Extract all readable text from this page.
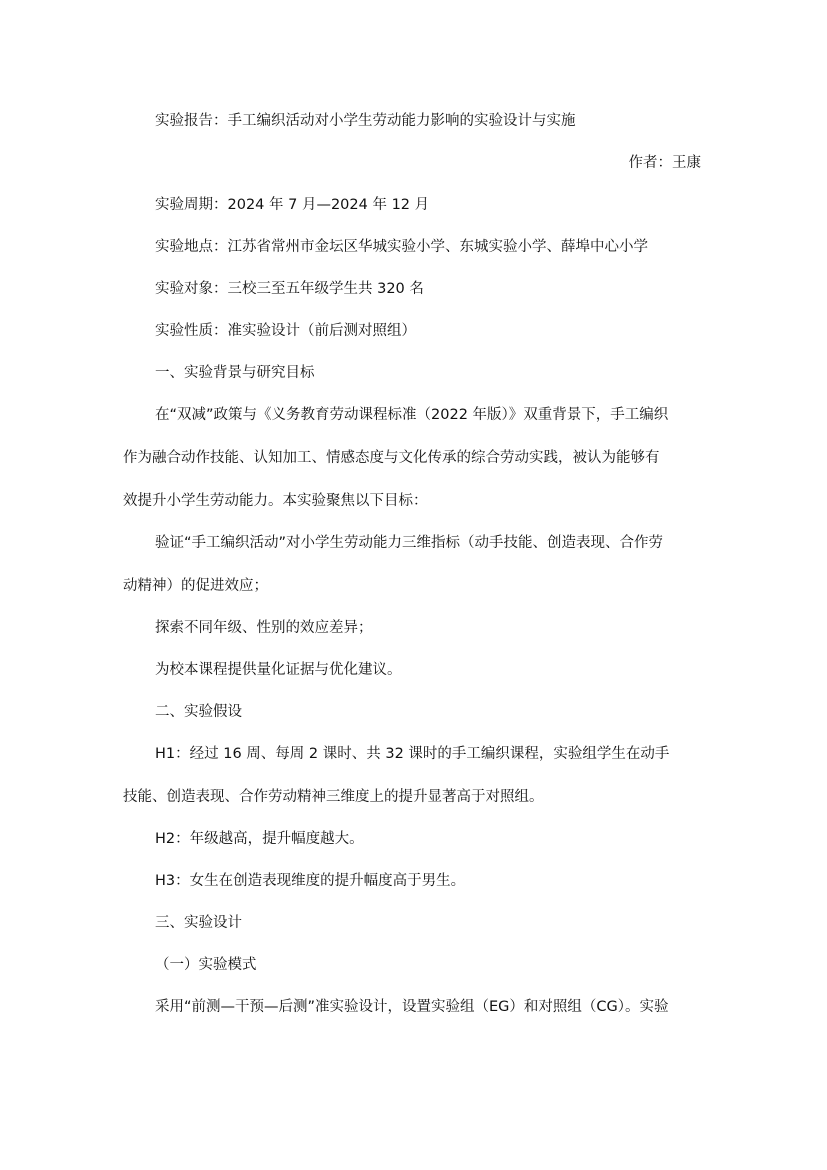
实验报告：手工编织活动对小学生劳动能力影响的实验设计与实施
作者：王康
实验周期：2024 年 7 月—2024 年 12 月
实验地点：江苏省常州市金坛区华城实验小学、东城实验小学、薛埠中心小学
实验对象：三校三至五年级学生共 320 名
实验性质：准实验设计（前后测对照组）
一、实验背景与研究目标
在“双减”政策与《义务教育劳动课程标准（2022 年版）》双重背景下，手工编织
作为融合动作技能、认知加工、情感态度与文化传承的综合劳动实践，被认为能够有
效提升小学生劳动能力。本实验聚焦以下目标：
验证“手工编织活动”对小学生劳动能力三维指标（动手技能、创造表现、合作劳
动精神）的促进效应；
探索不同年级、性别的效应差异；
为校本课程提供量化证据与优化建议。
二、实验假设
H1：经过 16 周、每周 2 课时、共 32 课时的手工编织课程，实验组学生在动手
技能、创造表现、合作劳动精神三维度上的提升显著高于对照组。
H2：年级越高，提升幅度越大。
H3：女生在创造表现维度的提升幅度高于男生。
三、实验设计
（一）实验模式
采用“前测—干预—后测”准实验设计，设置实验组（EG）和对照组（CG）。实验
